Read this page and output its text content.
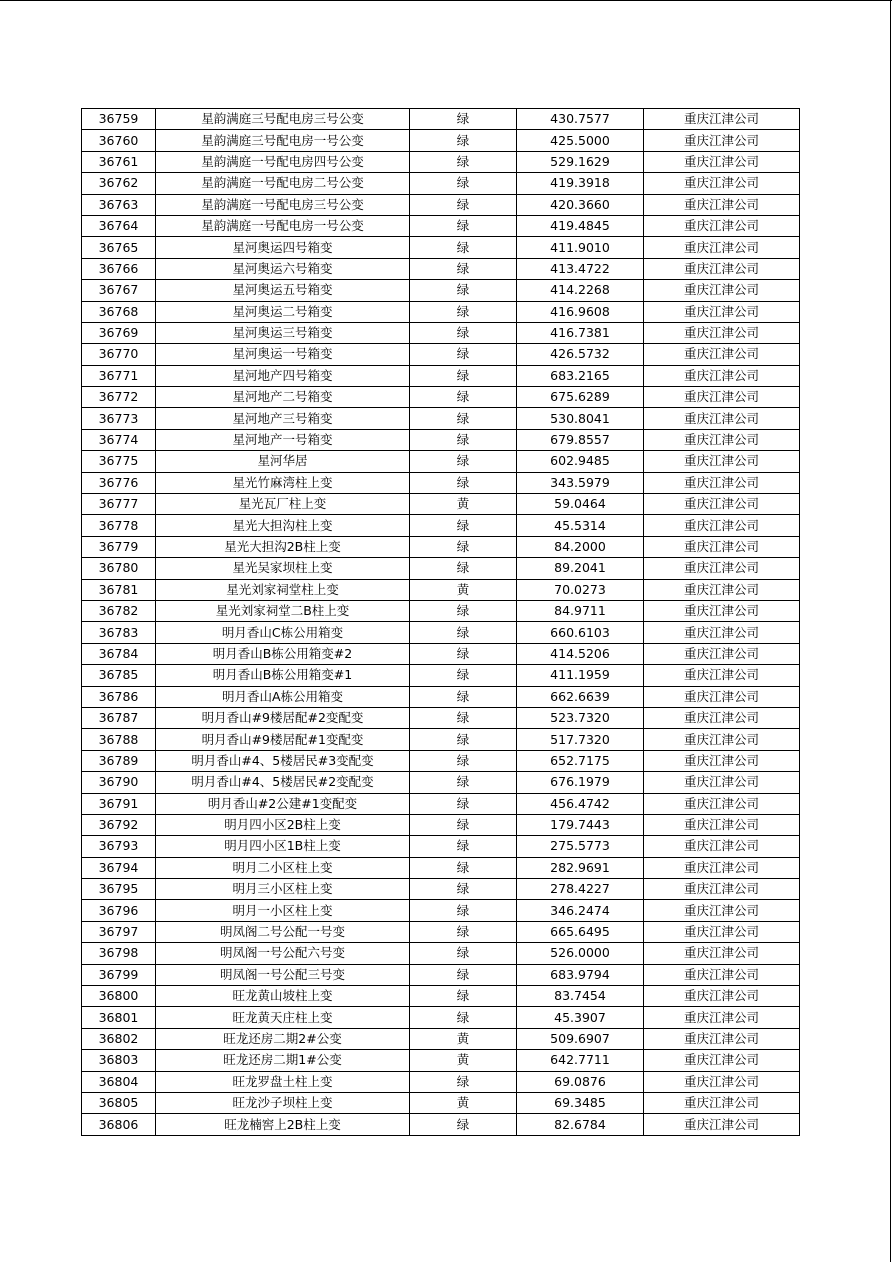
36759	星韵满庭三号配电房三号公变	绿	430.7577	重庆江津公司
36760	星韵满庭三号配电房一号公变	绿	425.5000	重庆江津公司
36761	星韵满庭一号配电房四号公变	绿	529.1629	重庆江津公司
36762	星韵满庭一号配电房二号公变	绿	419.3918	重庆江津公司
36763	星韵满庭一号配电房三号公变	绿	420.3660	重庆江津公司
36764	星韵满庭一号配电房一号公变	绿	419.4845	重庆江津公司
36765	星河奥运四号箱变	绿	411.9010	重庆江津公司
36766	星河奥运六号箱变	绿	413.4722	重庆江津公司
36767	星河奥运五号箱变	绿	414.2268	重庆江津公司
36768	星河奥运二号箱变	绿	416.9608	重庆江津公司
36769	星河奥运三号箱变	绿	416.7381	重庆江津公司
36770	星河奥运一号箱变	绿	426.5732	重庆江津公司
36771	星河地产四号箱变	绿	683.2165	重庆江津公司
36772	星河地产二号箱变	绿	675.6289	重庆江津公司
36773	星河地产三号箱变	绿	530.8041	重庆江津公司
36774	星河地产一号箱变	绿	679.8557	重庆江津公司
36775	星河华居	绿	602.9485	重庆江津公司
36776	星光竹麻湾柱上变	绿	343.5979	重庆江津公司
36777	星光瓦厂柱上变	黄	59.0464	重庆江津公司
36778	星光大担沟柱上变	绿	45.5314	重庆江津公司
36779	星光大担沟2B柱上变	绿	84.2000	重庆江津公司
36780	星光吴家坝柱上变	绿	89.2041	重庆江津公司
36781	星光刘家祠堂柱上变	黄	70.0273	重庆江津公司
36782	星光刘家祠堂二B柱上变	绿	84.9711	重庆江津公司
36783	明月香山C栋公用箱变	绿	660.6103	重庆江津公司
36784	明月香山B栋公用箱变#2	绿	414.5206	重庆江津公司
36785	明月香山B栋公用箱变#1	绿	411.1959	重庆江津公司
36786	明月香山A栋公用箱变	绿	662.6639	重庆江津公司
36787	明月香山#9楼居配#2变配变	绿	523.7320	重庆江津公司
36788	明月香山#9楼居配#1变配变	绿	517.7320	重庆江津公司
36789	明月香山#4、5楼居民#3变配变	绿	652.7175	重庆江津公司
36790	明月香山#4、5楼居民#2变配变	绿	676.1979	重庆江津公司
36791	明月香山#2公建#1变配变	绿	456.4742	重庆江津公司
36792	明月四小区2B柱上变	绿	179.7443	重庆江津公司
36793	明月四小区1B柱上变	绿	275.5773	重庆江津公司
36794	明月二小区柱上变	绿	282.9691	重庆江津公司
36795	明月三小区柱上变	绿	278.4227	重庆江津公司
36796	明月一小区柱上变	绿	346.2474	重庆江津公司
36797	明凤阁二号公配一号变	绿	665.6495	重庆江津公司
36798	明凤阁一号公配六号变	绿	526.0000	重庆江津公司
36799	明凤阁一号公配三号变	绿	683.9794	重庆江津公司
36800	旺龙黄山坡柱上变	绿	83.7454	重庆江津公司
36801	旺龙黄天庄柱上变	绿	45.3907	重庆江津公司
36802	旺龙还房二期2#公变	黄	509.6907	重庆江津公司
36803	旺龙还房二期1#公变	黄	642.7711	重庆江津公司
36804	旺龙罗盘土柱上变	绿	69.0876	重庆江津公司
36805	旺龙沙子坝柱上变	黄	69.3485	重庆江津公司
36806	旺龙楠窖上2B柱上变	绿	82.6784	重庆江津公司
